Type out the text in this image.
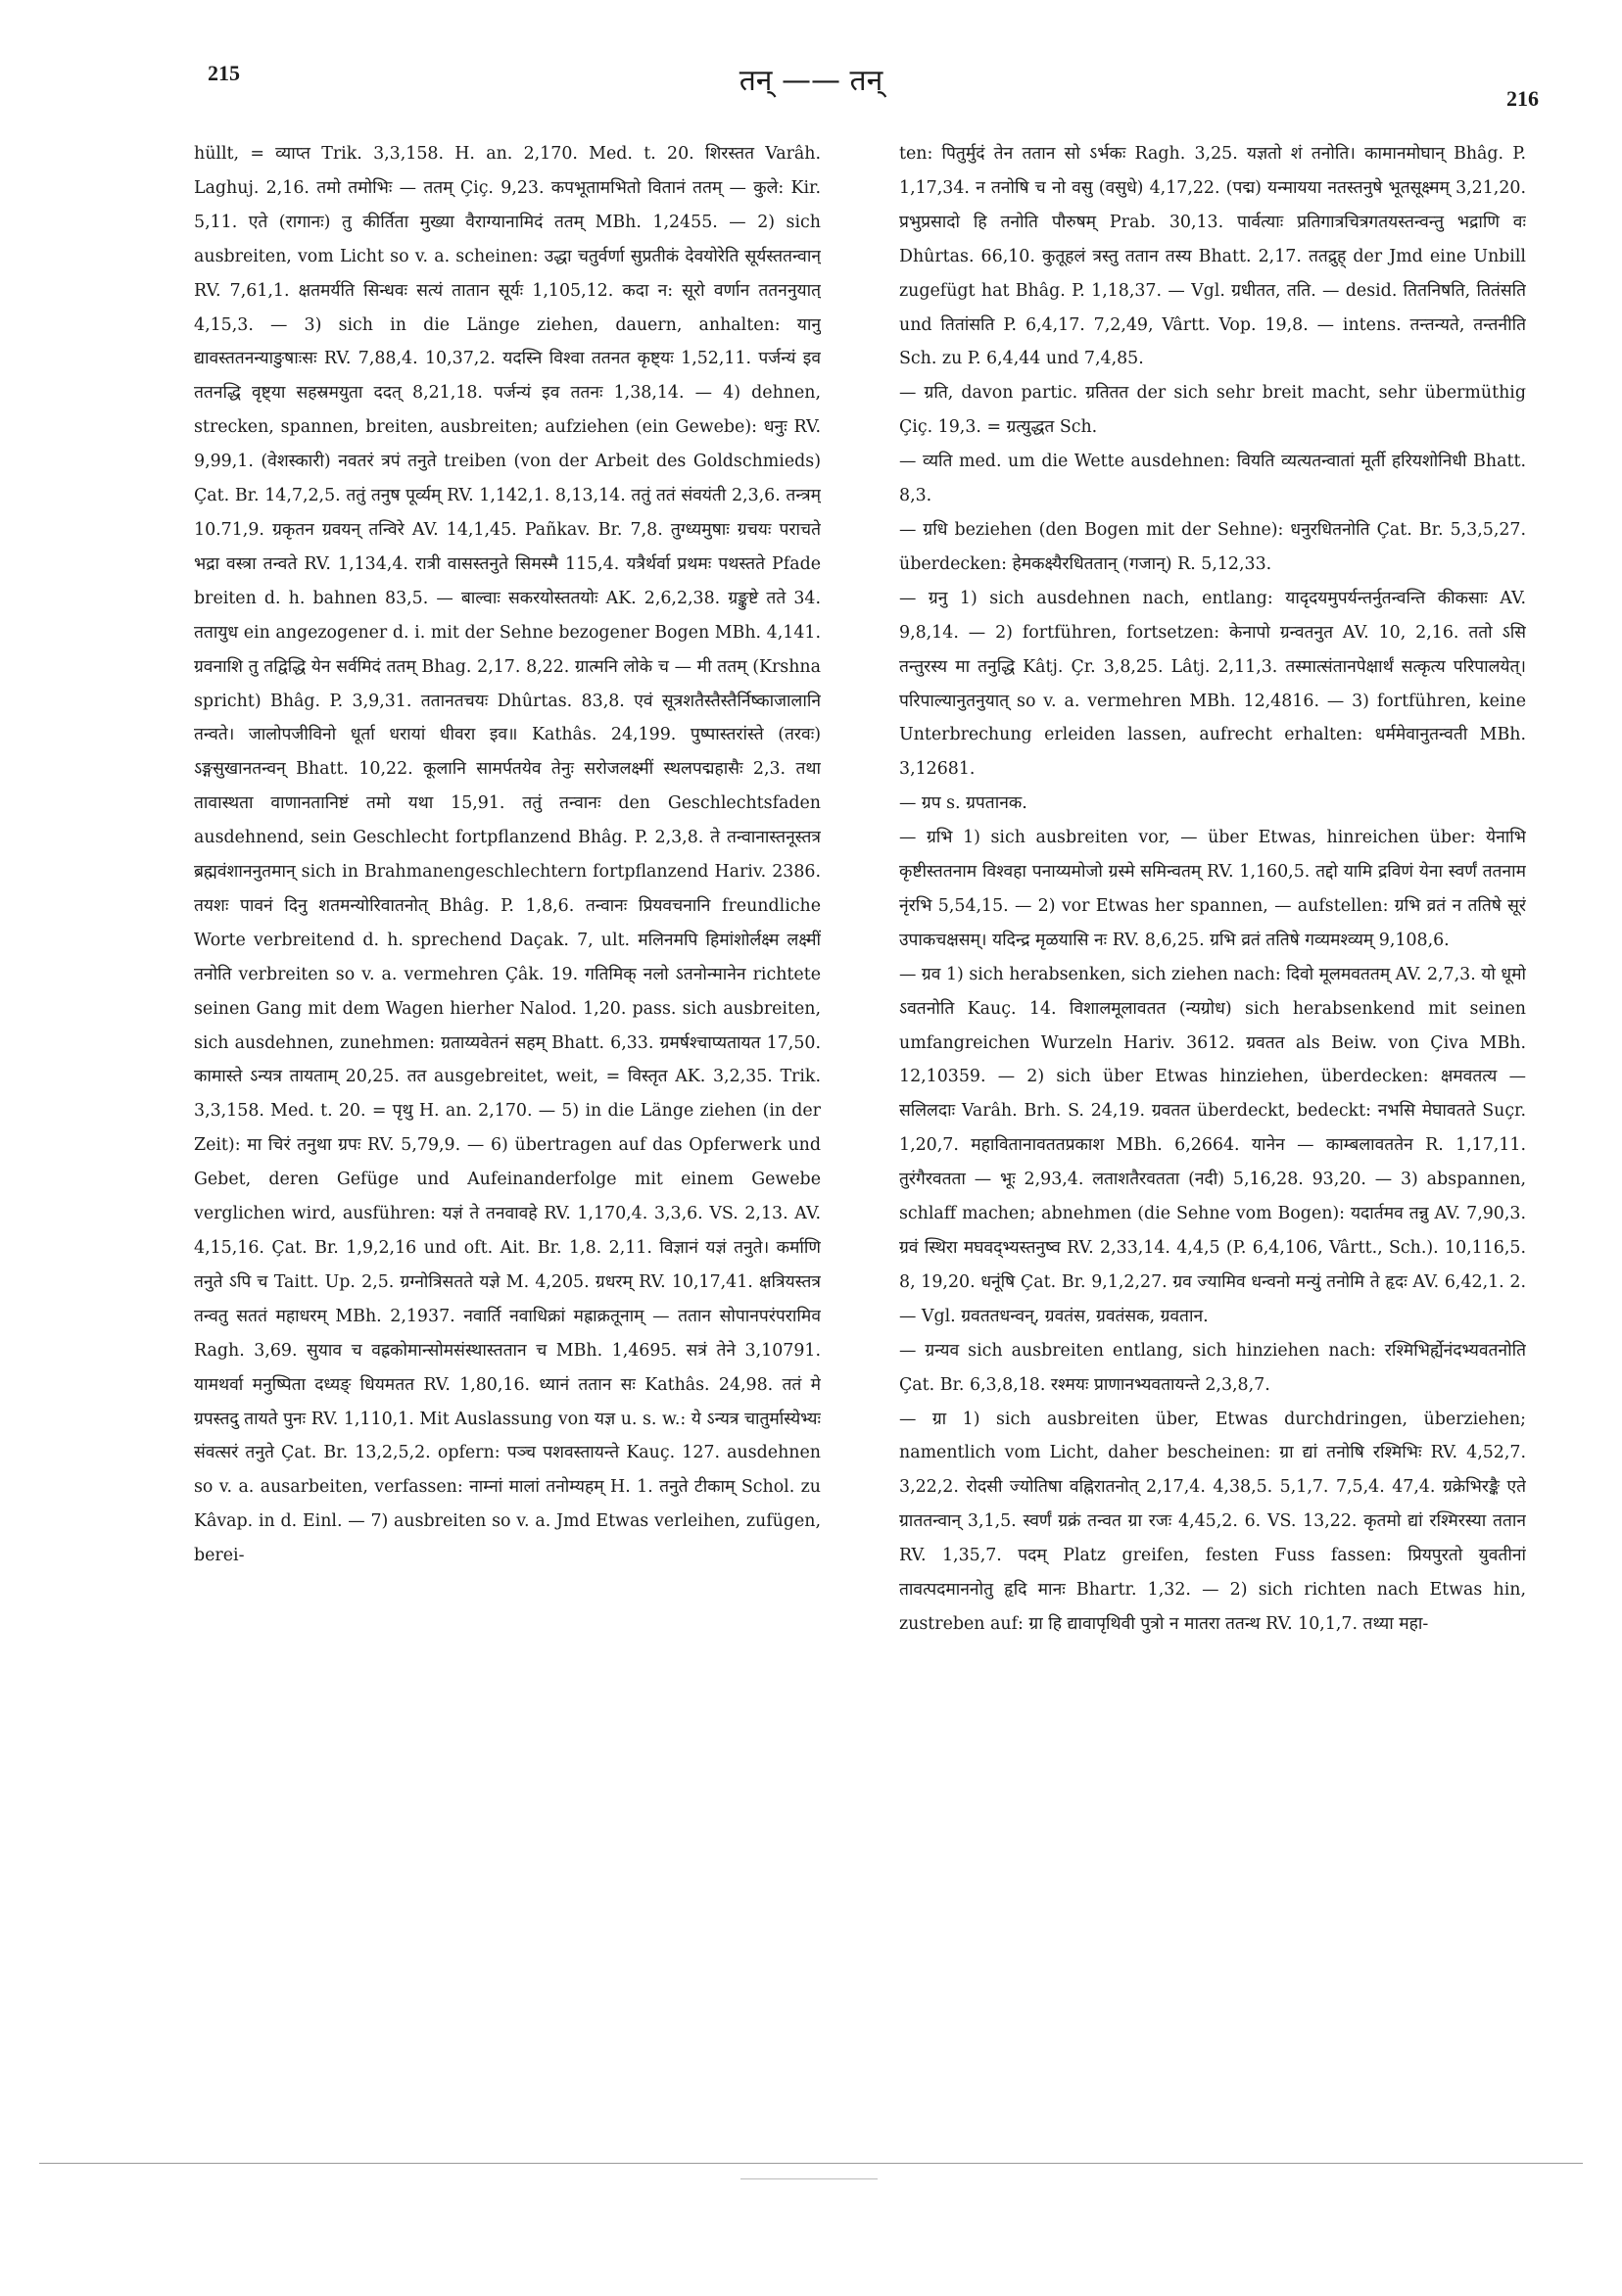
215	तन् —— तन्
216

hüllt, = व्याप्त Trik. 3,3,158. H. an. 2,170. Med. t. 20. शिरस्तत Varâh. Laghuj. 2,16. तमो तमोभिः — ततम् Çiç. 9,23. कपभूतामभितो वितानं ततम् — कुले: Kir. 5,11. एते (रागानः) तु कीर्तिता मुख्या वैराग्यानामिदं ततम् MBh. 1,2455. — 2) sich ausbreiten, vom Licht so v. a. scheinen: उद्धा चतुर्वर्णा सुप्रतीकं देवयोरेति सूर्यस्ततन्वान् RV. 7,61,1. क्षतमर्यति सिन्धवः सत्यं तातान सूर्यः 1,105,12. कदा न: सूरो वर्णान ततननुयात् 4,15,3. — 3) sich in die Länge ziehen, dauern, anhalten: यानु द्यावस्ततनन्याङुषाःसः RV. 7,88,4. 10,37,2. यदस्नि विश्वा ततनत कृष्ट्यः 1,52,11. पर्जन्यं इव ततनद्धि वृष्ट्या सहस्रमयुता ददत् 8,21,18. पर्जन्यं इव ततनः 1,38,14. — 4) dehnen, strecken, spannen, breiten, ausbreiten; aufziehen (ein Gewebe): धनुः RV. 9,99,1. (वेशस्कारी) नवतरं त्रपं तनुते treiben (von der Arbeit des Goldschmieds) Çat. Br. 14,7,2,5. ततुं तनुष पूर्व्यम् RV. 1,142,1. 8,13,14. ततुं ततं संवयंती 2,3,6. तन्त्रम् 10.71,9. ग्रकृतन ग्रवयन् तन्विरे AV. 14,1,45. Pañkav. Br. 7,8. तुग्ध्यमुषाः ग्रचयः पराचते भद्रा वस्त्रा तन्वते RV. 1,134,4. रात्री वासस्तनुते सिमस्मै 115,4. यत्रैर्थर्वा प्रथमः पथस्तते Pfade breiten d. h. bahnen 83,5. — बाल्वाः सकरयोस्ततयोः AK. 2,6,2,38. ग्रङ्कुष्टे तते 34. ततायुध ein angezogener d. i. mit der Sehne bezogener Bogen MBh. 4,141. ग्रवनाशि तु तद्विद्धि येन सर्वमिदं ततम् Bhag. 2,17. 8,22. ग्रात्मनि लोके च — मी ततम् (Krshna spricht) Bhâg. P. 3,9,31. ततानतचयः Dhûrtas. 83,8. एवं सूत्रशतैस्तैस्तैर्निष्काजालानि तन्वते। जालोपजीविनो धूर्ता धरायां धीवरा इव॥ Kathâs. 24,199. पुष्पास्तरांस्ते (तरवः) ऽङ्गसुखानतन्वन् Bhatt. 10,22. कूलानि सामर्पतयेव तेनुः सरोजलक्ष्मीं स्थलपद्महासैः 2,3. तथा तावास्थता वाणानतानिष्टं तमो यथा 15,91. ततुं तन्वानः den Geschlechtsfaden ausdehnend, sein Geschlecht fortpflanzend Bhâg. P. 2,3,8. ते तन्वानास्तनूस्तत्र ब्रह्मवंशाननुतमान् sich in Brahmanengeschlechtern fortpflanzend Hariv. 2386. तयशः पावनं दिनु शतमन्योरिवातनोत् Bhâg. P. 1,8,6. तन्वानः प्रियवचनानि freundliche Worte verbreitend d. h. sprechend Daçak. 7, ult. मलिनमपि हिमांशोर्लक्ष्म लक्ष्मीं तनोति verbreiten so v. a. vermehren Çâk. 19. गतिमिक् नलो ऽतनोन्मानेन richtete seinen Gang mit dem Wagen hierher Nalod. 1,20. pass. sich ausbreiten, sich ausdehnen, zunehmen: ग्रताय्यवेतनं सहम् Bhatt. 6,33. ग्रमर्षश्चाप्यतायत 17,50. कामास्ते ऽन्यत्र तायताम् 20,25. तत ausgebreitet, weit, = विस्तृत AK. 3,2,35. Trik. 3,3,158. Med. t. 20. = पृथु H. an. 2,170. — 5) in die Länge ziehen (in der Zeit): मा चिरं तनुथा ग्रपः RV. 5,79,9. — 6) übertragen auf das Opferwerk und Gebet, deren Gefüge und Aufeinanderfolge mit einem Gewebe verglichen wird, ausführen: यज्ञं ते तनवावहे RV. 1,170,4. 3,3,6. VS. 2,13. AV. 4,15,16. Çat. Br. 1,9,2,16 und oft. Ait. Br. 1,8. 2,11. विज्ञानं यज्ञं तनुते। कर्माणि तनुते ऽपि च Taitt. Up. 2,5. ग्रग्नोत्रिसतते यज्ञे M. 4,205. ग्रधरम् RV. 10,17,41. क्षत्रियस्तत्र तन्वतु सततं महाधरम् MBh. 2,1937. नवार्ति नवाधिक्रां मह्राक्रतूनाम् — ततान सोपानपरंपरामिव Ragh. 3,69. सुयाव च वह्रकोमान्सोमसंस्थास्ततान च MBh. 1,4695. सत्रं तेने 3,10791. यामथर्वा मनुष्पिता दध्यङ् धियमतत RV. 1,80,16. ध्यानं ततान सः Kathâs. 24,98. ततं मे ग्रपस्तदु तायते पुनः RV. 1,110,1. Mit Auslassung von यज्ञ u. s. w.: ये ऽन्यत्र चातुर्मास्येभ्यः संवत्सरं तनुते Çat. Br. 13,2,5,2. opfern: पञ्च पशवस्तायन्ते Kauç. 127. ausdehnen so v. a. ausarbeiten, verfassen: नाम्नां मालां तनोम्यहम् H. 1. तनुते टीकाम् Schol. zu Kâvap. in d. Einl. — 7) ausbreiten so v. a. Jmd Etwas verleihen, zufügen, berei-

ten: पितुर्मुदं तेन ततान सो ऽर्भकः Ragh. 3,25. यज्ञतो शं तनोति। कामानमोघान् Bhâg. P. 1,17,34. न तनोषि च नो वसु (वसुधे) 4,17,22. (पद्म) यन्मायया नतस्तनुषे भूतसूक्ष्मम् 3,21,20. प्रभुप्रसादो हि तनोति पौरुषम् Prab. 30,13. पार्वत्याः प्रतिगात्रचित्रगतयस्तन्वन्तु भद्राणि वः Dhûrtas. 66,10. कुतूहलं त्रस्तु ततान तस्य Bhatt. 2,17. ततद्रुह् der Jmd eine Unbill zugefügt hat Bhâg. P. 1,18,37. — Vgl. ग्रधीतत, तति. — desid. तितनिषति, तितंसति und तितांसति P. 6,4,17. 7,2,49, Vârtt. Vop. 19,8. — intens. तन्तन्यते, तन्तनीति Sch. zu P. 6,4,44 und 7,4,85.

— ग्रति, davon partic. ग्रतितत der sich sehr breit macht, sehr übermüthig Çiç. 19,3. = ग्रत्युद्धत Sch.

— व्यति med. um die Wette ausdehnen: वियति व्यत्यतन्वातां मूर्ती हरियशोनिधी Bhatt. 8,3.

— ग्रधि beziehen (den Bogen mit der Sehne): धनुरधितनोति Çat. Br. 5,3,5,27. überdecken: हेमकक्ष्यैरधिततान् (गजान्) R. 5,12,33.

— ग्रनु 1) sich ausdehnen nach, entlang: यादृदयमुपर्यन्तर्नुतन्वन्ति कीकसाः AV. 9,8,14. — 2) fortführen, fortsetzen: केनापो ग्रन्वतनुत AV. 10, 2,16. ततो ऽसि तन्तुरस्य मा तनुद्धि Kâtj. Çr. 3,8,25. Lâtj. 2,11,3. तस्मात्संतानपेक्षार्थं सत्कृत्य परिपालयेत्। परिपाल्यानुतनुयात् so v. a. vermehren MBh. 12,4816. — 3) fortführen, keine Unterbrechung erleiden lassen, aufrecht erhalten: धर्ममेवानुतन्वती MBh. 3,12681.

— ग्रप s. ग्रपतानक.

— ग्रभि 1) sich ausbreiten vor, — über Etwas, hinreichen über: येनाभि कृष्टीस्ततनाम विश्वहा पनाय्यमोजो ग्रस्मे समिन्वतम् RV. 1,160,5. तद्दो यामि द्रविणं येना स्वर्णं ततनाम नृंरभि 5,54,15. — 2) vor Etwas her spannen, — aufstellen: ग्रभि व्रतं न ततिषे सूरं उपाकचक्षसम्। यदिन्द्र मृळयासि नः RV. 8,6,25. ग्रभि व्रतं ततिषे गव्यमश्व्यम् 9,108,6.

— ग्रव 1) sich herabsenken, sich ziehen nach: दिवो मूलमवततम् AV. 2,7,3. यो धूमो ऽवतनोति Kauç. 14. विशालमूलावतत (न्यग्रोध) sich herabsenkend mit seinen umfangreichen Wurzeln Hariv. 3612. ग्रवतत als Beiw. von Çiva MBh. 12,10359. — 2) sich über Etwas hinziehen, überdecken: क्षमवतत्य — सलिलदाः Varâh. Brh. S. 24,19. ग्रवतत überdeckt, bedeckt: नभसि मेघावतते Suçr. 1,20,7. महावितानावततप्रकाश MBh. 6,2664. यानेन — काम्बलावततेन R. 1,17,11. तुरंगैरवतता — भूः 2,93,4. लताशतैरवतता (नदी) 5,16,28. 93,20. — 3) abspannen, schlaff machen; abnehmen (die Sehne vom Bogen): यदार्तमव तन्नु AV. 7,90,3. ग्रवं स्थिरा मघवद्भ्यस्तनुष्व RV. 2,33,14. 4,4,5 (P. 6,4,106, Vârtt., Sch.). 10,116,5. 8, 19,20. धनूंषि Çat. Br. 9,1,2,27. ग्रव ज्यामिव धन्वनो मन्युं तनोमि ते हृदः AV. 6,42,1. 2. — Vgl. ग्रवततधन्वन्, ग्रवतंस, ग्रवतंसक, ग्रवतान.

— ग्रन्यव sich ausbreiten entlang, sich hinziehen nach: रश्मिभिर्ह्येनंदभ्यवतनोति Çat. Br. 6,3,8,18. रश्मयः प्राणानभ्यवतायन्ते 2,3,8,7.

— ग्रा 1) sich ausbreiten über, Etwas durchdringen, überziehen; namentlich vom Licht, daher bescheinen: ग्रा द्यां तनोषि रश्मिभिः RV. 4,52,7. 3,22,2. रोदसी ज्योतिषा वह्निरातनोत् 2,17,4. 4,38,5. 5,1,7. 7,5,4. 47,4. ग्रक्रेभिरङ्कै एते ग्राततन्वान् 3,1,5. स्वर्णं ग्रक्रं तन्वत ग्रा रजः 4,45,2. 6. VS. 13,22. कृतमो द्यां रश्मिरस्या ततान RV. 1,35,7. पदम् Platz greifen, festen Fuss fassen: प्रियपुरतो युवतीनां तावत्पदमाननोतु हृदि मानः Bhartr. 1,32. — 2) sich richten nach Etwas hin, zustreben auf: ग्रा हि द्यावापृथिवी पुत्रो न मातरा ततन्थ RV. 10,1,7. तथ्या महा-
